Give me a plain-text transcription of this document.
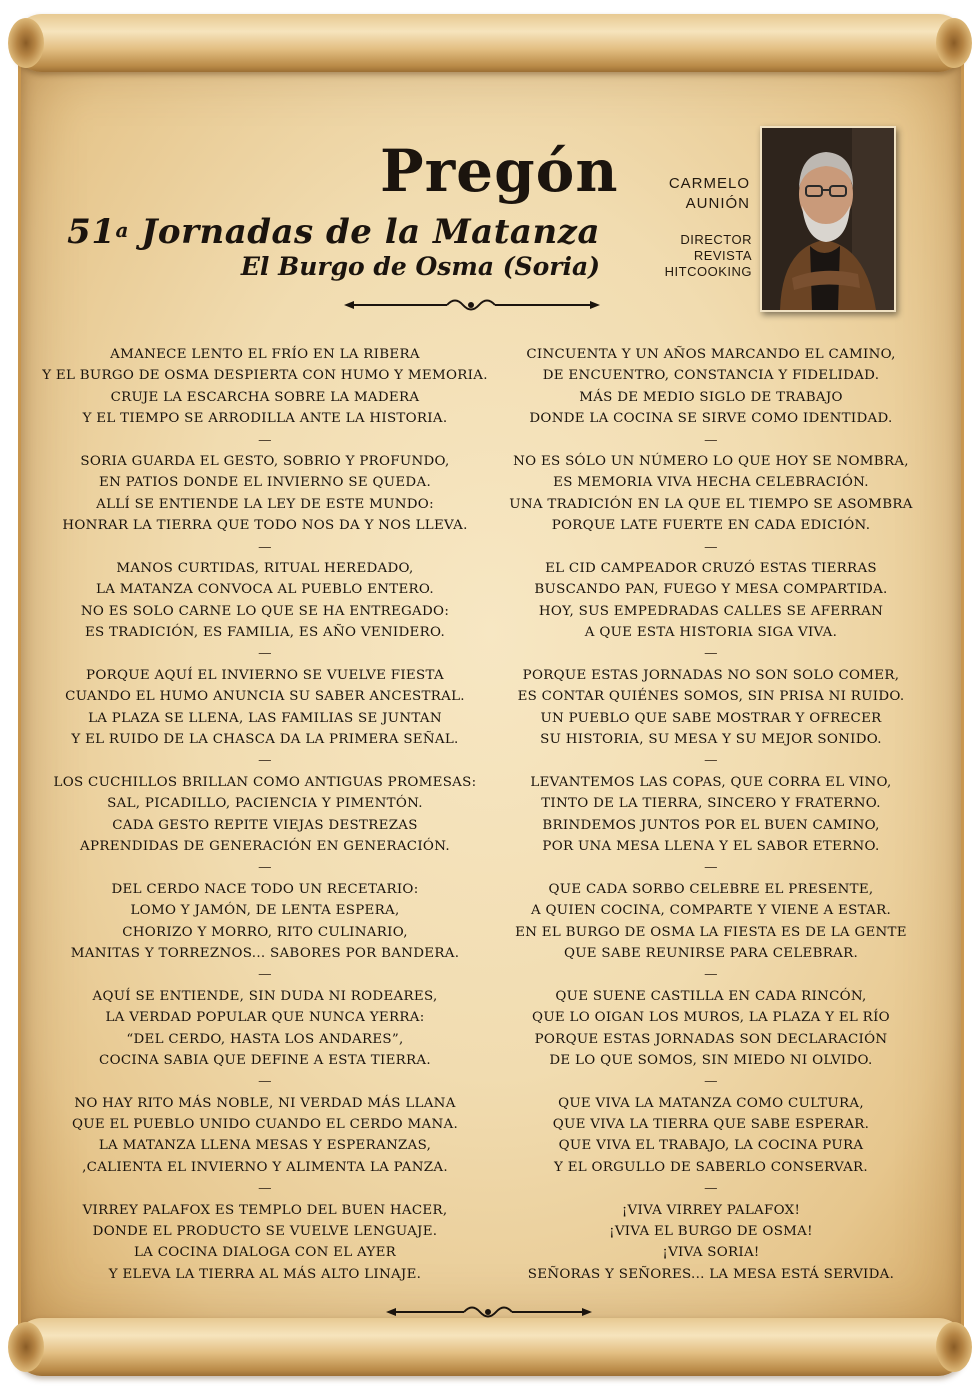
Pregón
51$^a$ Jornadas de la Matanza
El Burgo de Osma (Soria)
CARMELO
AUNIÓN
DIRECTOR
REVISTA
HITCOOKING
AMANECE LENTO EL FRÍO EN LA RIBERA
Y EL BURGO DE OSMA DESPIERTA CON HUMO Y MEMORIA.
CRUJE LA ESCARCHA SOBRE LA MADERA
Y EL TIEMPO SE ARRODILLA ANTE LA HISTORIA.
—
SORIA GUARDA EL GESTO, SOBRIO Y PROFUNDO,
EN PATIOS DONDE EL INVIERNO SE QUEDA.
ALLÍ SE ENTIENDE LA LEY DE ESTE MUNDO:
HONRAR LA TIERRA QUE TODO NOS DA Y NOS LLEVA.
—
MANOS CURTIDAS, RITUAL HEREDADO,
LA MATANZA CONVOCA AL PUEBLO ENTERO.
NO ES SOLO CARNE LO QUE SE HA ENTREGADO:
ES TRADICIÓN, ES FAMILIA, ES AÑO VENIDERO.
—
PORQUE AQUÍ EL INVIERNO SE VUELVE FIESTA
CUANDO EL HUMO ANUNCIA SU SABER ANCESTRAL.
LA PLAZA SE LLENA, LAS FAMILIAS SE JUNTAN
Y EL RUIDO DE LA CHASCA DA LA PRIMERA SEÑAL.
—
LOS CUCHILLOS BRILLAN COMO ANTIGUAS PROMESAS:
SAL, PICADILLO, PACIENCIA Y PIMENTÓN.
CADA GESTO REPITE VIEJAS DESTREZAS
APRENDIDAS DE GENERACIÓN EN GENERACIÓN.
—
DEL CERDO NACE TODO UN RECETARIO:
LOMO Y JAMÓN, DE LENTA ESPERA,
CHORIZO Y MORRO, RITO CULINARIO,
MANITAS Y TORREZNOS... SABORES POR BANDERA.
—
AQUÍ SE ENTIENDE, SIN DUDA NI RODEARES,
LA VERDAD POPULAR QUE NUNCA YERRA:
“DEL CERDO, HASTA LOS ANDARES”,
COCINA SABIA QUE DEFINE A ESTA TIERRA.
—
NO HAY RITO MÁS NOBLE, NI VERDAD MÁS LLANA
QUE EL PUEBLO UNIDO CUANDO EL CERDO MANA.
LA MATANZA LLENA MESAS Y ESPERANZAS,
,CALIENTA EL INVIERNO Y ALIMENTA LA PANZA.
—
VIRREY PALAFOX ES TEMPLO DEL BUEN HACER,
DONDE EL PRODUCTO SE VUELVE LENGUAJE.
LA COCINA DIALOGA CON EL AYER
Y ELEVA LA TIERRA AL MÁS ALTO LINAJE.
CINCUENTA Y UN AÑOS MARCANDO EL CAMINO,
DE ENCUENTRO, CONSTANCIA Y FIDELIDAD.
MÁS DE MEDIO SIGLO DE TRABAJO
DONDE LA COCINA SE SIRVE COMO IDENTIDAD.
—
NO ES SÓLO UN NÚMERO LO QUE HOY SE NOMBRA,
ES MEMORIA VIVA HECHA CELEBRACIÓN.
UNA TRADICIÓN EN LA QUE EL TIEMPO SE ASOMBRA
PORQUE LATE FUERTE EN CADA EDICIÓN.
—
EL CID CAMPEADOR CRUZÓ ESTAS TIERRAS
BUSCANDO PAN, FUEGO Y MESA COMPARTIDA.
HOY, SUS EMPEDRADAS CALLES SE AFERRAN
A QUE ESTA HISTORIA SIGA VIVA.
—
PORQUE ESTAS JORNADAS NO SON SOLO COMER,
ES CONTAR QUIÉNES SOMOS, SIN PRISA NI RUIDO.
UN PUEBLO QUE SABE MOSTRAR Y OFRECER
SU HISTORIA, SU MESA Y SU MEJOR SONIDO.
—
LEVANTEMOS LAS COPAS, QUE CORRA EL VINO,
TINTO DE LA TIERRA, SINCERO Y FRATERNO.
BRINDEMOS JUNTOS POR EL BUEN CAMINO,
POR UNA MESA LLENA Y EL SABOR ETERNO.
—
QUE CADA SORBO CELEBRE EL PRESENTE,
A QUIEN COCINA, COMPARTE Y VIENE A ESTAR.
EN EL BURGO DE OSMA LA FIESTA ES DE LA GENTE
QUE SABE REUNIRSE PARA CELEBRAR.
—
QUE SUENE CASTILLA EN CADA RINCÓN,
QUE LO OIGAN LOS MUROS, LA PLAZA Y EL RÍO
PORQUE ESTAS JORNADAS SON DECLARACIÓN
DE LO QUE SOMOS, SIN MIEDO NI OLVIDO.
—
QUE VIVA LA MATANZA COMO CULTURA,
QUE VIVA LA TIERRA QUE SABE ESPERAR.
QUE VIVA EL TRABAJO, LA COCINA PURA
Y EL ORGULLO DE SABERLO CONSERVAR.
—
¡VIVA VIRREY PALAFOX!
¡VIVA EL BURGO DE OSMA!
¡VIVA SORIA!
SEÑORAS Y SEÑORES... LA MESA ESTÁ SERVIDA.
